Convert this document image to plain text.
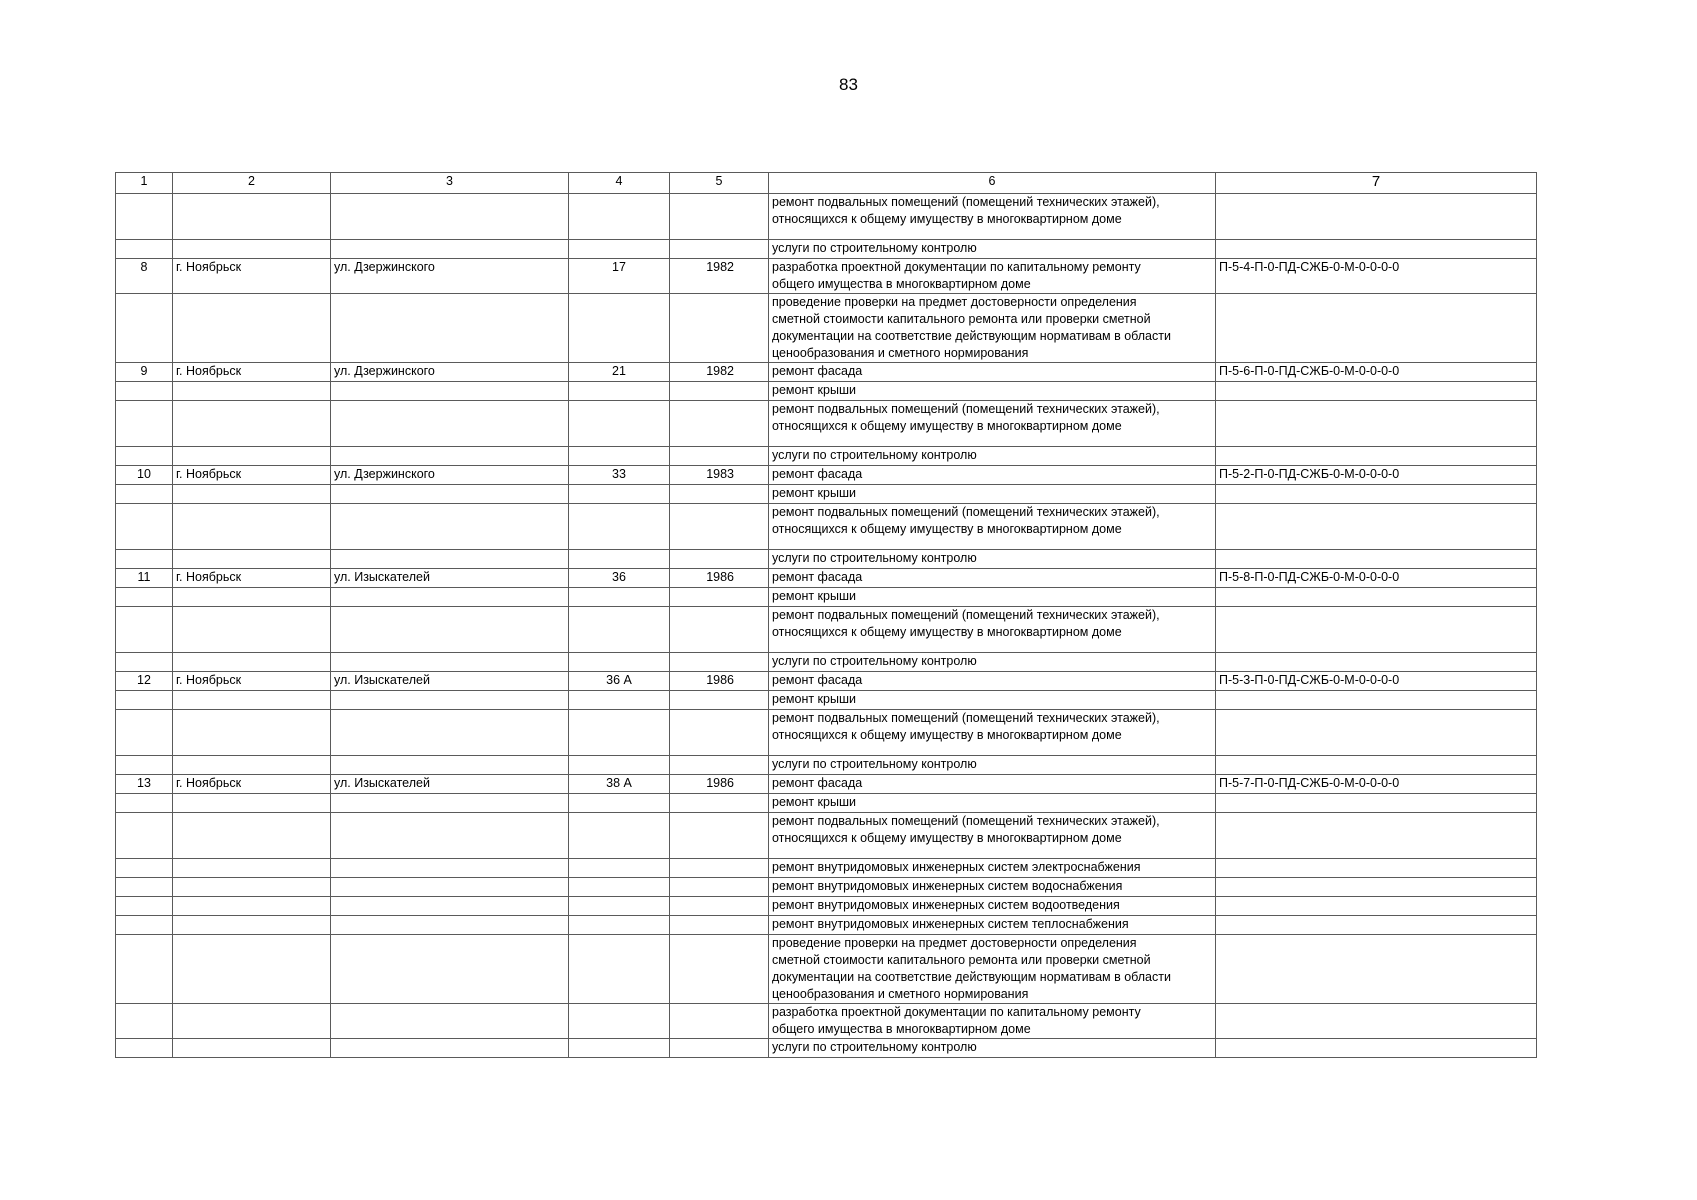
83
1	2	3	4	5	6	7
					ремонт подвальных помещений (помещений технических этажей),
относящихся к общему имуществу в многоквартирном доме	
					услуги по строительному контролю	
8	г. Ноябрьск	ул. Дзержинского	17	1982	разработка проектной документации по капитальному ремонту
общего имущества в многоквартирном доме	П-5-4-П-0-ПД-СЖБ-0-М-0-0-0-0
					проведение проверки на предмет достоверности определения
сметной стоимости капитального ремонта или проверки сметной
документации на соответствие действующим нормативам в области
ценообразования и сметного нормирования	
9	г. Ноябрьск	ул. Дзержинского	21	1982	ремонт фасада	П-5-6-П-0-ПД-СЖБ-0-М-0-0-0-0
					ремонт крыши	
					ремонт подвальных помещений (помещений технических этажей),
относящихся к общему имуществу в многоквартирном доме	
					услуги по строительному контролю	
10	г. Ноябрьск	ул. Дзержинского	33	1983	ремонт фасада	П-5-2-П-0-ПД-СЖБ-0-М-0-0-0-0
					ремонт крыши	
					ремонт подвальных помещений (помещений технических этажей),
относящихся к общему имуществу в многоквартирном доме	
					услуги по строительному контролю	
11	г. Ноябрьск	ул. Изыскателей	36	1986	ремонт фасада	П-5-8-П-0-ПД-СЖБ-0-М-0-0-0-0
					ремонт крыши	
					ремонт подвальных помещений (помещений технических этажей),
относящихся к общему имуществу в многоквартирном доме	
					услуги по строительному контролю	
12	г. Ноябрьск	ул. Изыскателей	36 А	1986	ремонт фасада	П-5-3-П-0-ПД-СЖБ-0-М-0-0-0-0
					ремонт крыши	
					ремонт подвальных помещений (помещений технических этажей),
относящихся к общему имуществу в многоквартирном доме	
					услуги по строительному контролю	
13	г. Ноябрьск	ул. Изыскателей	38 А	1986	ремонт фасада	П-5-7-П-0-ПД-СЖБ-0-М-0-0-0-0
					ремонт крыши	
					ремонт подвальных помещений (помещений технических этажей),
относящихся к общему имуществу в многоквартирном доме	
					ремонт внутридомовых инженерных систем электроснабжения	
					ремонт внутридомовых инженерных систем водоснабжения	
					ремонт внутридомовых инженерных систем водоотведения	
					ремонт внутридомовых инженерных систем теплоснабжения	
					проведение проверки на предмет достоверности определения
сметной стоимости капитального ремонта или проверки сметной
документации на соответствие действующим нормативам в области
ценообразования и сметного нормирования	
					разработка проектной документации по капитальному ремонту
общего имущества в многоквартирном доме	
					услуги по строительному контролю	
